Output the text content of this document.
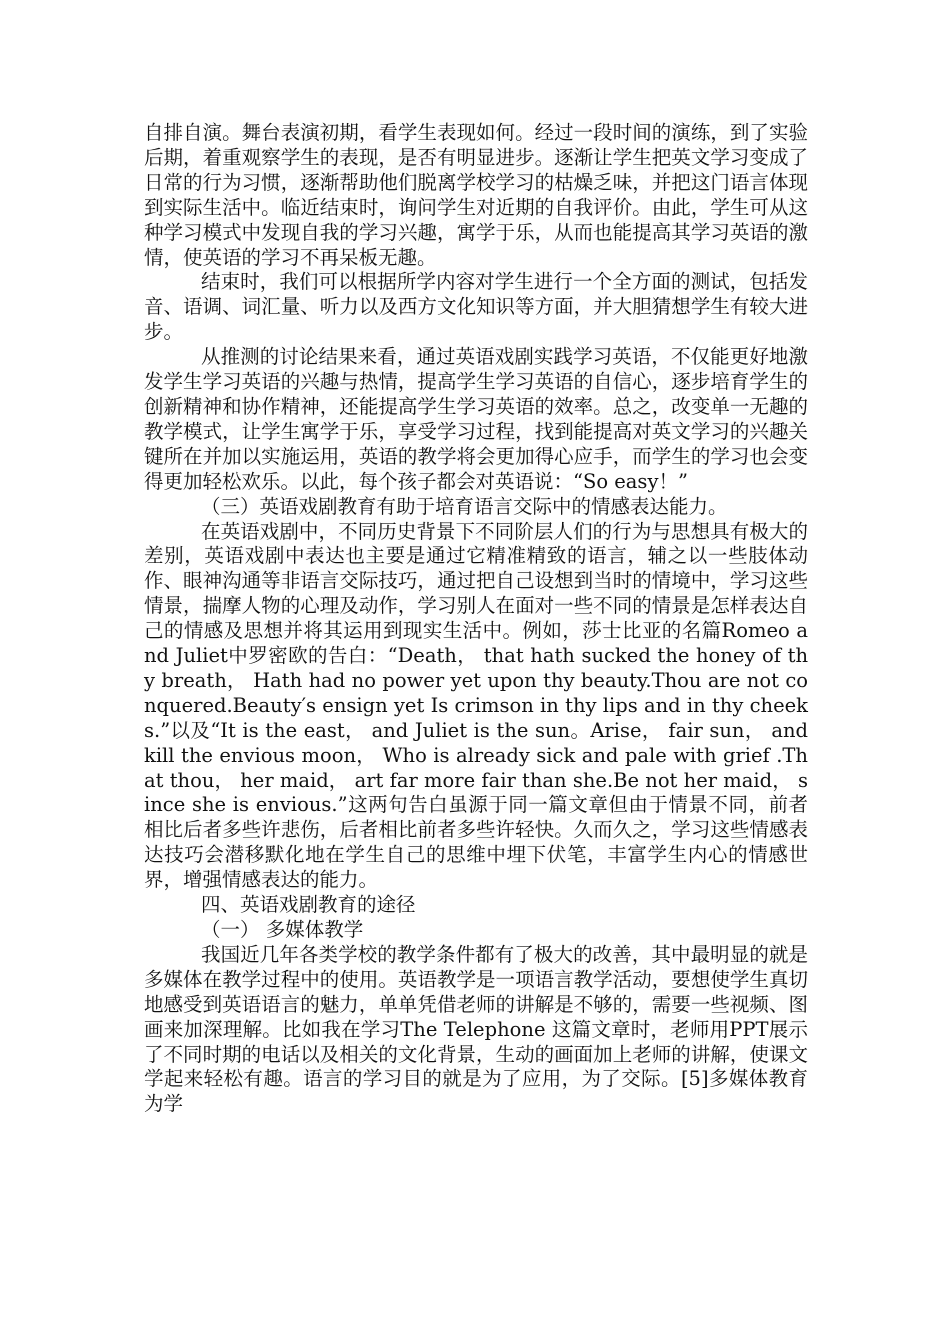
自排自演。舞台表演初期，看学生表现如何。经过一段时间的演练，到了实验后期，着重观察学生的表现，是否有明显进步。逐渐让学生把英文学习变成了日常的行为习惯，逐渐帮助他们脱离学校学习的枯燥乏味，并把这门语言体现到实际生活中。临近结束时，询问学生对近期的自我评价。由此，学生可从这种学习模式中发现自我的学习兴趣，寓学于乐，从而也能提高其学习英语的激情，使英语的学习不再呆板无趣。

结束时，我们可以根据所学内容对学生进行一个全方面的测试，包括发音、语调、词汇量、听力以及西方文化知识等方面，并大胆猜想学生有较大进步。

从推测的讨论结果来看，通过英语戏剧实践学习英语，不仅能更好地激发学生学习英语的兴趣与热情，提高学生学习英语的自信心，逐步培育学生的创新精神和协作精神，还能提高学生学习英语的效率。总之，改变单一无趣的教学模式，让学生寓学于乐，享受学习过程，找到能提高对英文学习的兴趣关键所在并加以实施运用，英语的教学将会更加得心应手，而学生的学习也会变得更加轻松欢乐。以此，每个孩子都会对英语说：“So easy！”

（三）英语戏剧教育有助于培育语言交际中的情感表达能力。

在英语戏剧中，不同历史背景下不同阶层人们的行为与思想具有极大的差别，英语戏剧中表达也主要是通过它精准精致的语言，辅之以一些肢体动作、眼神沟通等非语言交际技巧，通过把自己设想到当时的情境中，学习这些情景，揣摩人物的心理及动作，学习别人在面对一些不同的情景是怎样表达自己的情感及思想并将其运用到现实生活中。例如，莎士比亚的名篇Romeo and Juliet中罗密欧的告白：“Death， that hath sucked the honey of thy breath， Hath had no power yet upon thy beauty.Thou are not conquered.Beauty′s ensign yet Is crimson in thy lips and in thy cheeks.”以及“It is the east， and Juliet is the sun。Arise， fair sun， and kill the envious moon， Who is already sick and pale with grief .That thou， her maid， art far more fair than she.Be not her maid， since she is envious.”这两句告白虽源于同一篇文章但由于情景不同，前者相比后者多些许悲伤，后者相比前者多些许轻快。久而久之，学习这些情感表达技巧会潜移默化地在学生自己的思维中埋下伏笔，丰富学生内心的情感世界，增强情感表达的能力。

四、英语戏剧教育的途径

（一） 多媒体教学

我国近几年各类学校的教学条件都有了极大的改善，其中最明显的就是多媒体在教学过程中的使用。英语教学是一项语言教学活动，要想使学生真切地感受到英语语言的魅力，单单凭借老师的讲解是不够的，需要一些视频、图画来加深理解。比如我在学习The Telephone 这篇文章时，老师用PPT展示了不同时期的电话以及相关的文化背景，生动的画面加上老师的讲解，使课文学起来轻松有趣。语言的学习目的就是为了应用，为了交际。[5]多媒体教育为学
